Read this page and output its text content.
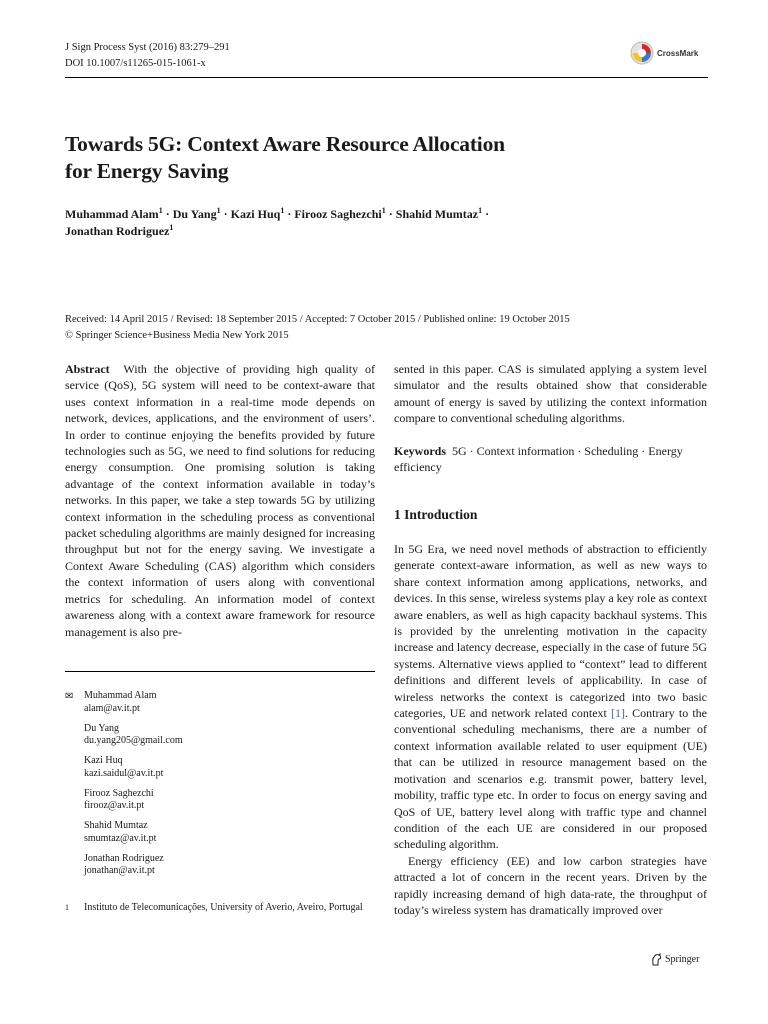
J Sign Process Syst (2016) 83:279–291
DOI 10.1007/s11265-015-1061-x
CrossMark
Towards 5G: Context Aware Resource Allocation
for Energy Saving
Muhammad Alam$^1$ · Du Yang$^1$ · Kazi Huq$^1$ · Firooz Saghezchi$^1$ · Shahid Mumtaz$^1$ ·
Jonathan Rodriguez$^1$
Received: 14 April 2015 / Revised: 18 September 2015 / Accepted: 7 October 2015 / Published online: 19 October 2015
© Springer Science+Business Media New York 2015
Abstract With the objective of providing high quality of service (QoS), 5G system will need to be context-aware that uses context information in a real-time mode depends on network, devices, applications, and the environment of users’. In order to continue enjoying the benefits provided by future technologies such as 5G, we need to find solutions for reducing energy consumption. One promising solution is taking advantage of the context information available in today’s networks. In this paper, we take a step towards 5G by utilizing context information in the scheduling process as conventional packet scheduling algorithms are mainly designed for increasing throughput but not for the energy saving. We investigate a Context Aware Scheduling (CAS) algorithm which considers the context information of users along with conventional metrics for scheduling. An information model of context awareness along with a context aware framework for resource management is also pre-
sented in this paper. CAS is simulated applying a system level simulator and the results obtained show that considerable amount of energy is saved by utilizing the context information compare to conventional scheduling algorithms.
Keywords 5G · Context information · Scheduling · Energy efficiency
1 Introduction

In 5G Era, we need novel methods of abstraction to efficiently generate context-aware information, as well as new ways to share context information among applications, networks, and devices. In this sense, wireless systems play a key role as context aware enablers, as well as high capacity backhaul systems. This is provided by the unrelenting motivation in the capacity increase and latency decrease, especially in the case of future 5G systems. Alternative views applied to “context” lead to different definitions and different levels of applicability. In case of wireless networks the context is categorized into two basic categories, UE and network related context [1]. Contrary to the conventional scheduling mechanisms, there are a number of context information available related to user equipment (UE) that can be utilized in resource management based on the motivation and scenarios e.g. transmit power, battery level, mobility, traffic type etc. In order to focus on energy saving and QoS of UE, battery level along with traffic type and channel condition of the each UE are considered in our proposed scheduling algorithm.

Energy efficiency (EE) and low carbon strategies have attracted a lot of concern in the recent years. Driven by the rapidly increasing demand of high data-rate, the throughput of today’s wireless system has dramatically improved over

✉ Muhammad Alam
alam@av.it.pt
Du Yang
du.yang205@gmail.com
Kazi Huq
kazi.saidul@av.it.pt
Firooz Saghezchi
firooz@av.it.pt
Shahid Mumtaz
smumtaz@av.it.pt
Jonathan Rodriguez
jonathan@av.it.pt
1	Instituto de Telecomunicações, University of Averio, Aveiro, Portugal
Springer
